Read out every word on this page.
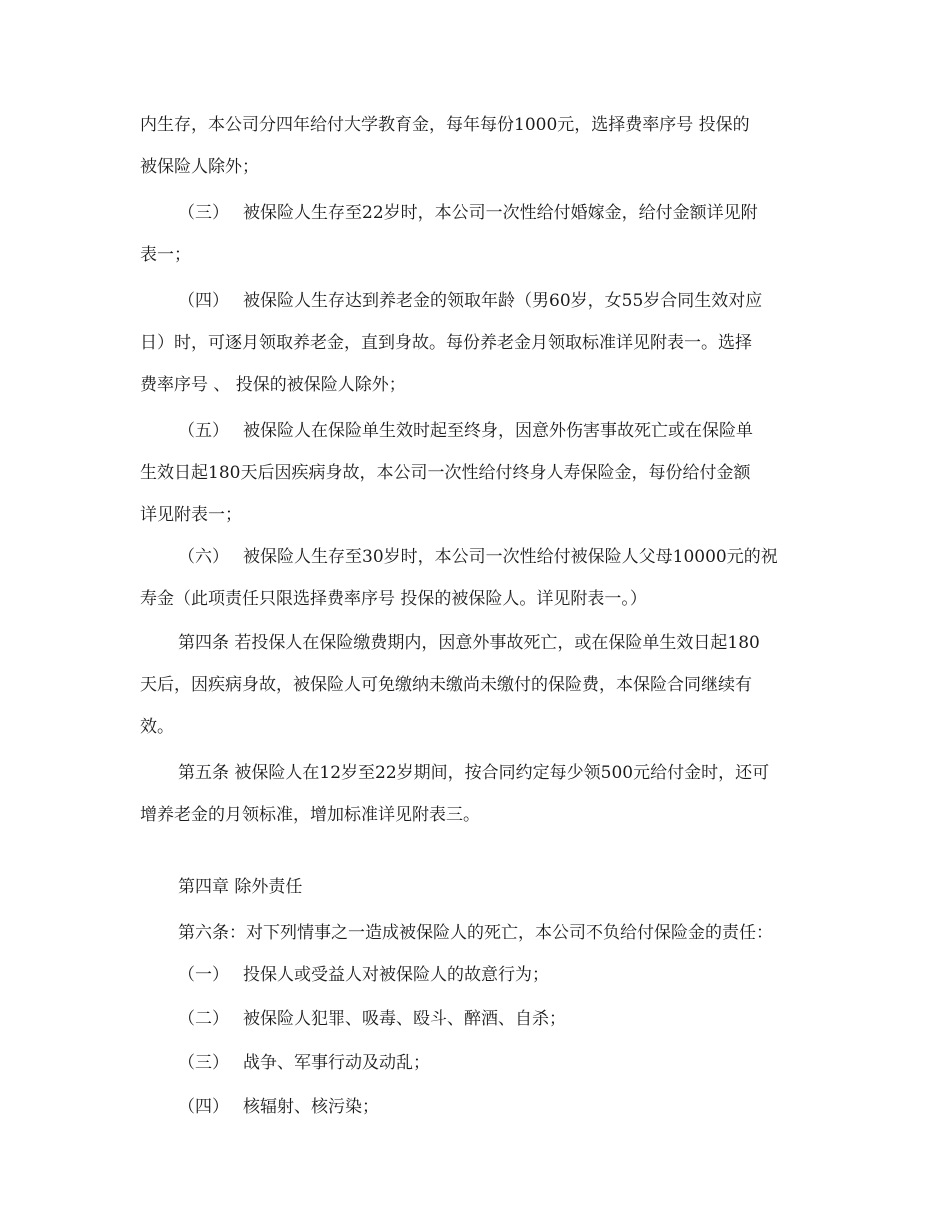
内生存，本公司分四年给付大学教育金，每年每份1000元，选择费率序号 投保的

被保险人除外；

（三） 被保险人生存至22岁时，本公司一次性给付婚嫁金，给付金额详见附

表一；

（四） 被保险人生存达到养老金的领取年龄（男60岁，女55岁合同生效对应

日）时，可逐月领取养老金，直到身故。每份养老金月领取标准详见附表一。选择

费率序号 、 投保的被保险人除外；

（五） 被保险人在保险单生效时起至终身，因意外伤害事故死亡或在保险单

生效日起180天后因疾病身故，本公司一次性给付终身人寿保险金，每份给付金额

详见附表一；

（六） 被保险人生存至30岁时，本公司一次性给付被保险人父母10000元的祝

寿金（此项责任只限选择费率序号 投保的被保险人。详见附表一。）

第四条 若投保人在保险缴费期内，因意外事故死亡，或在保险单生效日起180

天后，因疾病身故，被保险人可免缴纳未缴尚未缴付的保险费，本保险合同继续有

效。

第五条 被保险人在12岁至22岁期间，按合同约定每少领500元给付金时，还可

增养老金的月领标准，增加标准详见附表三。

第四章 除外责任

第六条：对下列情事之一造成被保险人的死亡，本公司不负给付保险金的责任：

（一） 投保人或受益人对被保险人的故意行为；

（二） 被保险人犯罪、吸毒、殴斗、醉酒、自杀；

（三） 战争、军事行动及动乱；

（四） 核辐射、核污染；
